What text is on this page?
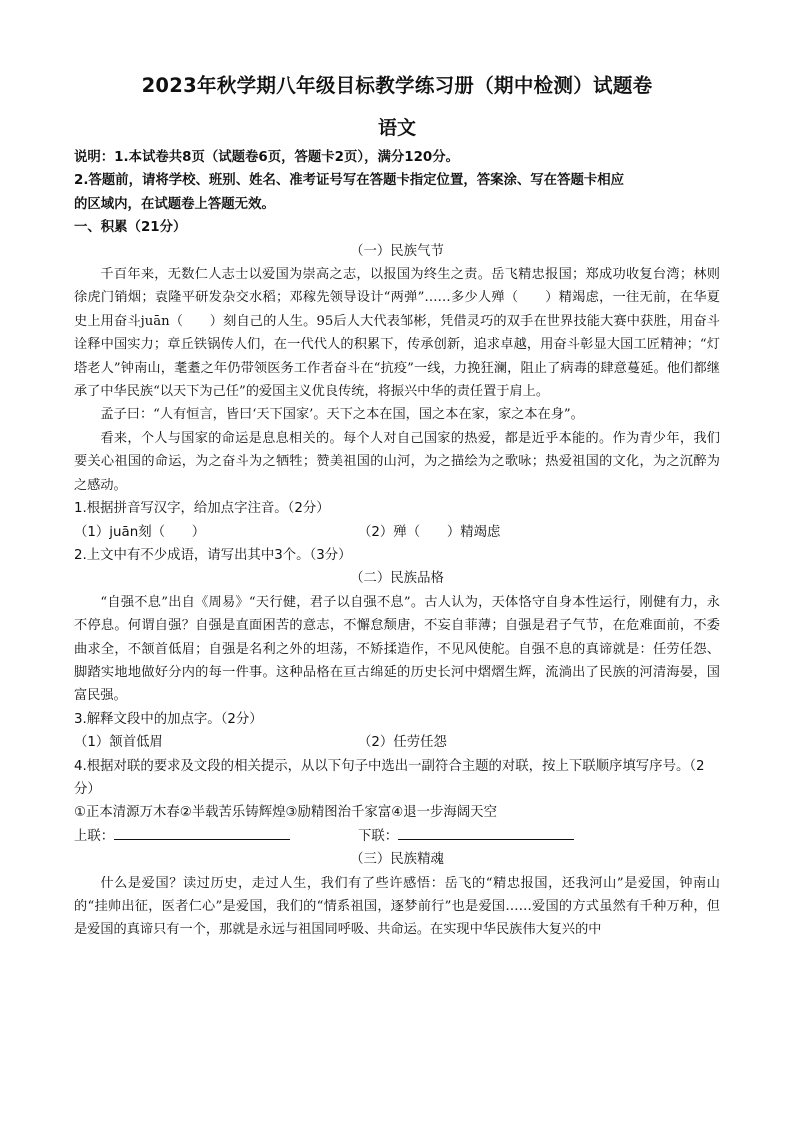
2023年秋学期八年级目标教学练习册（期中检测）试题卷
语文
说明：1.本试卷共8页（试题卷6页，答题卡2页），满分120分。
2.答题前，请将学校、班别、姓名、准考证号写在答题卡指定位置，答案涂、写在答题卡相应
的区域内，在试题卷上答题无效。
一、积累（21分）
（一）民族气节
千百年来，无数仁人志士以爱国为崇高之志，以报国为终生之责。岳飞精忠报国；郑成功收复台湾；林则徐虎门销烟；袁隆平研发杂交水稻；邓稼先领导设计“两弹”……多少人殚（　　）精竭虑，一往无前，在华夏史上用奋斗juān（　　）刻自己的人生。95后人大代表邹彬，凭借灵巧的双手在世界技能大赛中获胜，用奋斗诠释中国实力；章丘铁锅传人们，在一代代人的积累下，传承创新，追求卓越，用奋斗彰显大国工匠精神；“灯塔老人”钟南山，耄耋之年仍带领医务工作者奋斗在“抗疫”一线，力挽狂澜，阻止了病毒的肆意蔓延。他们都继承了中华民族“以天下为己任”的爱国主义优良传统，将振兴中华的责任置于肩上。
孟子曰：“人有恒言，皆曰‘天下国家’。天下之本在国，国之本在家，家之本在身”。
看来，个人与国家的命运是息息相关的。每个人对自己国家的热爱，都是近乎本能的。作为青少年，我们要关心祖国的命运，为之奋斗为之牺牲；赞美祖国的山河，为之描绘为之歌咏；热爱祖国的文化，为之沉醉为之感动。
1.根据拼音写汉字，给加点字注音。（2分）
（1）juān刻（　　）	（2）殚（　　）精竭虑
2.上文中有不少成语，请写出其中3个。（3分）
（二）民族品格
“自强不息”出自《周易》“天行健，君子以自强不息”。古人认为，天体恪守自身本性运行，刚健有力，永不停息。何谓自强？自强是直面困苦的意志，不懈怠颓唐，不妄自菲薄；自强是君子气节，在危难面前，不委曲求全，不颔首低眉；自强是名利之外的坦荡，不矫揉造作，不见风使舵。自强不息的真谛就是：任劳任怨、脚踏实地地做好分内的每一件事。这种品格在亘古绵延的历史长河中熠熠生辉，流淌出了民族的河清海晏，国富民强。
3.解释文段中的加点字。（2分）
（1）颔首低眉	（2）任劳任怨
4.根据对联的要求及文段的相关提示，从以下句子中选出一副符合主题的对联，按上下联顺序填写序号。（2
分）
①正本清源万木春②半载苦乐铸辉煌③励精图治千家富④退一步海阔天空
上联：	下联：
（三）民族精魂
什么是爱国？读过历史，走过人生，我们有了些许感悟：岳飞的“精忠报国，还我河山”是爱国，钟南山的“挂帅出征，医者仁心”是爱国，我们的“情系祖国，逐梦前行”也是爱国……爱国的方式虽然有千种万种，但是爱国的真谛只有一个，那就是永远与祖国同呼吸、共命运。在实现中华民族伟大复兴的中
